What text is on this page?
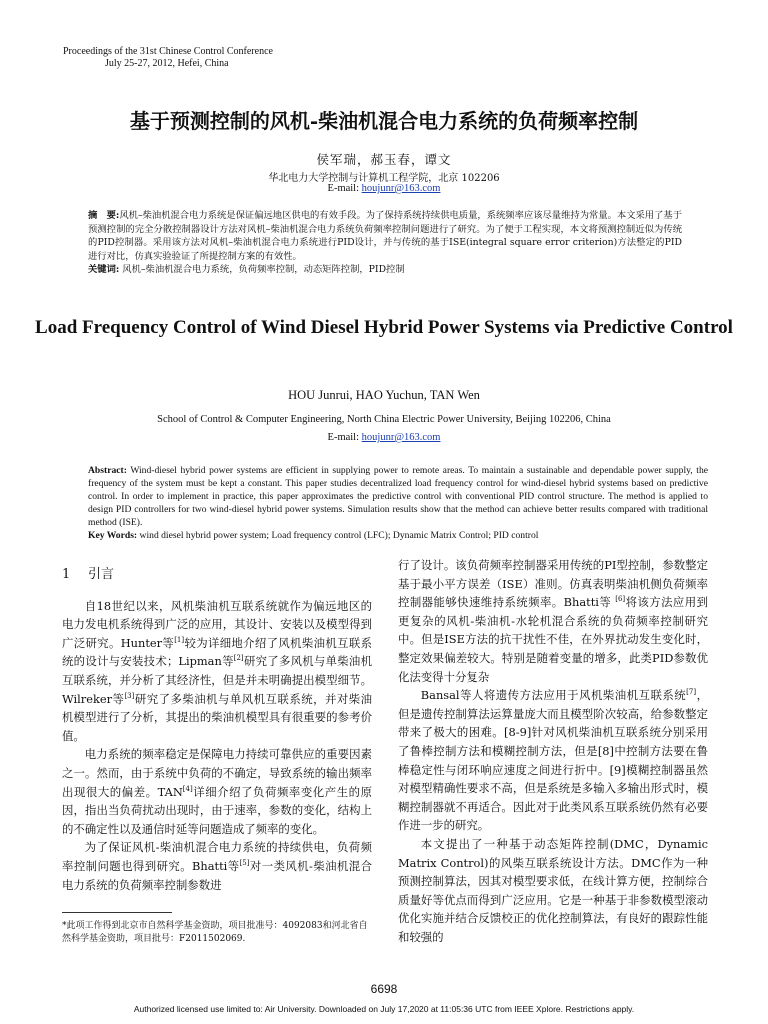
Proceedings of the 31st Chinese Control Conference
July 25-27, 2012, Hefei, China
基于预测控制的风机-柴油机混合电力系统的负荷频率控制
侯军瑞，郝玉春，谭文
华北电力大学控制与计算机工程学院，北京 102206
E-mail: houjunr@163.com
摘　要:风机–柴油机混合电力系统是保证偏远地区供电的有效手段。为了保持系统持续供电质量，系统频率应该尽量维持为常量。本文采用了基于预测控制的完全分散控制器设计方法对风机–柴油机混合电力系统负荷频率控制问题进行了研究。为了便于工程实现，本文将预测控制近似为传统的PID控制器。采用该方法对风机–柴油机混合电力系统进行PID设计，并与传统的基于ISE(integral square error criterion)方法整定的PID进行对比，仿真实验验证了所提控制方案的有效性。
关键词: 风机–柴油机混合电力系统，负荷频率控制，动态矩阵控制，PID控制
Load Frequency Control of Wind Diesel Hybrid Power Systems via Predictive Control
HOU Junrui, HAO Yuchun, TAN Wen
School of Control & Computer Engineering, North China Electric Power University, Beijing 102206, China
E-mail: houjunr@163.com
Abstract: Wind-diesel hybrid power systems are efficient in supplying power to remote areas. To maintain a sustainable and dependable power supply, the frequency of the system must be kept a constant. This paper studies decentralized load frequency control for wind-diesel hybrid systems based on predictive control. In order to implement in practice, this paper approximates the predictive control with conventional PID control structure. The method is applied to design PID controllers for two wind-diesel hybrid power systems. Simulation results show that the method can achieve better results compared with traditional method (ISE).
Key Words: wind diesel hybrid power system; Load frequency control (LFC); Dynamic Matrix Control; PID control
1 引言

自18世纪以来，风机柴油机互联系统就作为偏远地区的电力发电机系统得到广泛的应用，其设计、安装以及模型得到广泛研究。Hunter等[1]较为详细地介绍了风机柴油机互联系统的设计与安装技术；Lipman等[2]研究了多风机与单柴油机互联系统，并分析了其经济性，但是并未明确提出模型细节。Wilreker等[3]研究了多柴油机与单风机互联系统，并对柴油机模型进行了分析，其提出的柴油机模型具有很重要的参考价值。

电力系统的频率稳定是保障电力持续可靠供应的重要因素之一。然而，由于系统中负荷的不确定，导致系统的输出频率出现很大的偏差。TAN[4]详细介绍了负荷频率变化产生的原因，指出当负荷扰动出现时，由于速率，参数的变化，结构上的不确定性以及通信时延等问题造成了频率的变化。

为了保证风机-柴油机混合电力系统的持续供电，负荷频率控制问题也得到研究。Bhatti等[5]对一类风机-柴油机混合电力系统的负荷频率控制参数进

行了设计。该负荷频率控制器采用传统的PI型控制，参数整定基于最小平方误差（ISE）准则。仿真表明柴油机侧负荷频率控制器能够快速维持系统频率。Bhatti等 [6]将该方法应用到更复杂的风机-柴油机-水轮机混合系统的负荷频率控制研究中。但是ISE方法的抗干扰性不佳，在外界扰动发生变化时，整定效果偏差较大。特别是随着变量的增多，此类PID参数优化法变得十分复杂

Bansal等人将遗传方法应用于风机柴油机互联系统[7]，但是遗传控制算法运算量庞大而且模型阶次较高，给参数整定带来了极大的困难。[8-9]针对风机柴油机互联系统分别采用了鲁棒控制方法和模糊控制方法，但是[8]中控制方法要在鲁棒稳定性与闭环响应速度之间进行折中。[9]模糊控制器虽然对模型精确性要求不高，但是系统是多输入多输出形式时，模糊控制器就不再适合。因此对于此类风系互联系统仍然有必要作进一步的研究。

本文提出了一种基于动态矩阵控制(DMC，Dynamic Matrix Control)的风柴互联系统设计方法。DMC作为一种预测控制算法，因其对模型要求低，在线计算方便，控制综合质量好等优点而得到广泛应用。它是一种基于非参数模型滚动优化实施并结合反馈校正的优化控制算法，有良好的跟踪性能和较强的

*此项工作得到北京市自然科学基金资助，项目批准号：4092083和河北省自然科学基金资助，项目批号：F2011502069.
6698
Authorized licensed use limited to: Air University. Downloaded on July 17,2020 at 11:05:36 UTC from IEEE Xplore. Restrictions apply.
